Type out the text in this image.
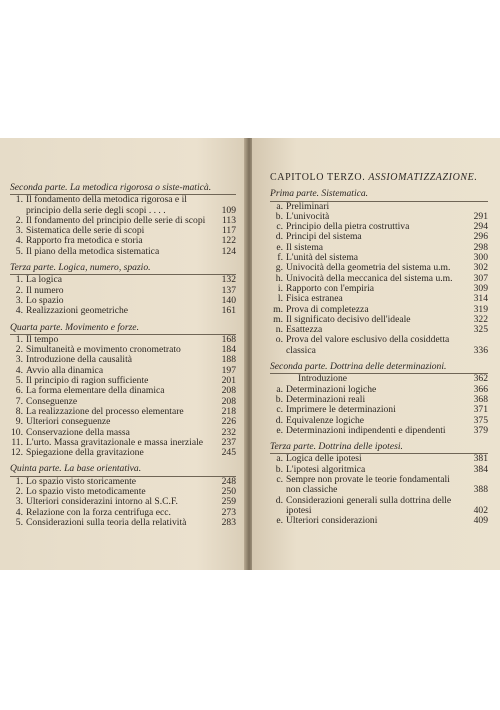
Seconda parte. La metodica rigorosa o siste-maticà.
1. Il fondamento della metodica rigorosa e il principio della serie degli scopi . . . .	109
2. Il fondamento del principio delle serie di scopi	113
3. Sistematica delle serie di scopi	117
4. Rapporto fra metodica e storia	122
5. Il piano della metodica sistematica	124
Terza parte. Logica, numero, spazio.
1. La logica	132
2. Il numero	137
3. Lo spazio	140
4. Realizzazioni geometriche	161
Quarta parte. Movimento e forze.
1. Il tempo	168
2. Simultaneità e movimento cronometrato	184
3. Introduzione della causalità	188
4. Avvio alla dinamica	197
5. Il principio di ragion sufficiente	201
6. La forma elementare della dinamica	208
7. Conseguenze	208
8. La realizzazione del processo elementare	218
9. Ulteriori conseguenze	226
10. Conservazione della massa	232
11. L'urto. Massa gravitazionale e massa inerziale	237
12. Spiegazione della gravitazione	245
Quinta parte. La base orientativa.
1. Lo spazio visto storicamente	248
2. Lo spazio visto metodicamente	250
3. Ulteriori considerazini intorno al S.C.F.	259
4. Relazione con la forza centrifuga ecc.	273
5. Considerazioni sulla teoria della relatività	283
CAPITOLO TERZO. ASSIOMATIZZAZIONE.
Prima parte. Sistematica.
a. Preliminari
b. L'univocità	291
c. Principio della pietra costruttiva	294
d. Principi del sistema	296
e. Il sistema	298
f. L'unità del sistema	300
g. Univocità della geometria del sistema u.m.	302
h. Univocità della meccanica del sistema u.m.	307
i. Rapporto con l'empiria	309
l. Fisica estranea	314
m. Prova di completezza	319
m. Il significato decisivo dell'ideale	322
n. Esattezza	325
o. Prova del valore esclusivo della cosiddetta classica	336
Seconda parte. Dottrina delle determinazioni.
Introduzione	362
a. Determinazioni logiche	366
b. Determinazioni reali	368
c. Imprimere le determinazioni	371
d. Equivalenze logiche	375
e. Determinazioni indipendenti e dipendenti	379
Terza parte. Dottrina delle ipotesi.
a. Logica delle ipotesi	381
b. L'ipotesi algoritmica	384
c. Sempre non provate le teorie fondamentali non classiche	388
d. Considerazioni generali sulla dottrina delle ipotesi	402
e. Ulteriori considerazioni	409
